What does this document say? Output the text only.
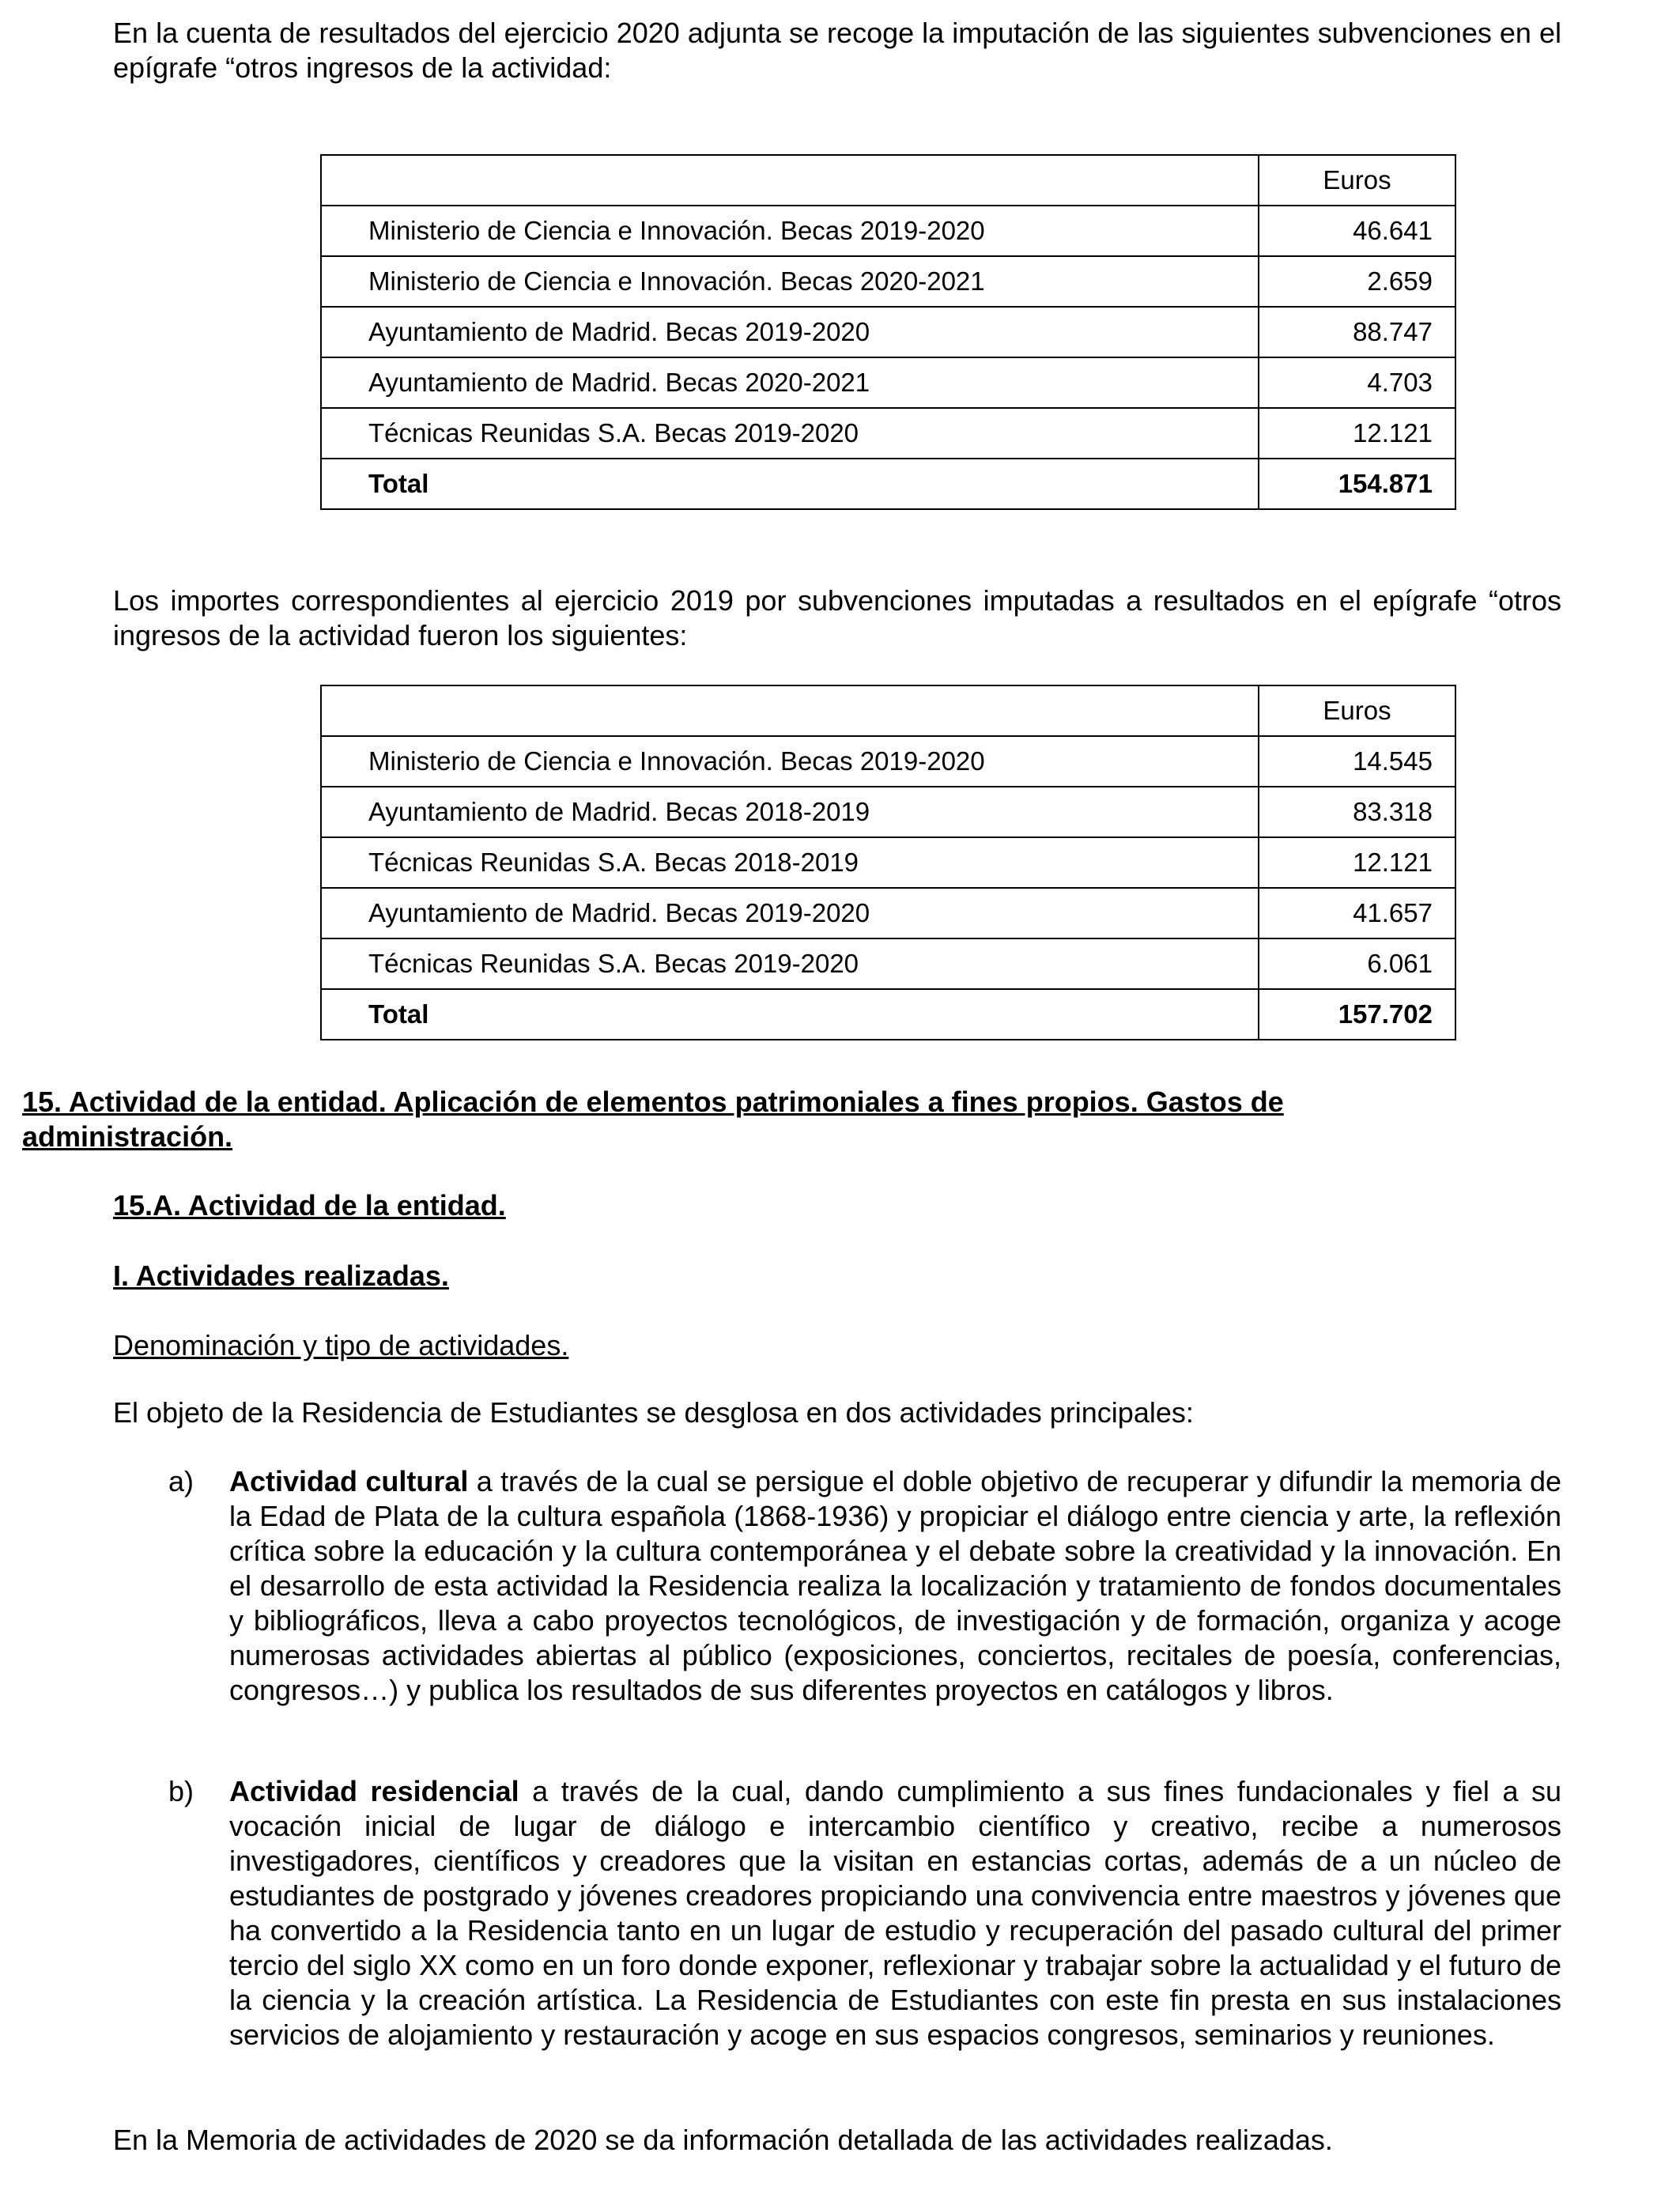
En la cuenta de resultados del ejercicio 2020 adjunta se recoge la imputación de las siguientes subvenciones en el epígrafe “otros ingresos de la actividad:

	Euros
Ministerio de Ciencia e Innovación. Becas 2019-2020	46.641
Ministerio de Ciencia e Innovación. Becas 2020-2021	2.659
Ayuntamiento de Madrid. Becas 2019-2020	88.747
Ayuntamiento de Madrid. Becas 2020-2021	4.703
Técnicas Reunidas S.A. Becas 2019-2020	12.121
Total	154.871

Los importes correspondientes al ejercicio 2019 por subvenciones imputadas a resultados en el epígrafe “otros ingresos de la actividad fueron los siguientes:

	Euros
Ministerio de Ciencia e Innovación. Becas 2019-2020	14.545
Ayuntamiento de Madrid. Becas 2018-2019	83.318
Técnicas Reunidas S.A. Becas 2018-2019	12.121
Ayuntamiento de Madrid. Becas 2019-2020	41.657
Técnicas Reunidas S.A. Becas 2019-2020	6.061
Total	157.702
15. Actividad de la entidad. Aplicación de elementos patrimoniales a fines propios. Gastos de administración.
15.A. Actividad de la entidad.
I. Actividades realizadas.
Denominación y tipo de actividades.

El objeto de la Residencia de Estudiantes se desglosa en dos actividades principales:

a) Actividad cultural a través de la cual se persigue el doble objetivo de recuperar y difundir la memoria de la Edad de Plata de la cultura española (1868-1936) y propiciar el diálogo entre ciencia y arte, la reflexión crítica sobre la educación y la cultura contemporánea y el debate sobre la creatividad y la innovación. En el desarrollo de esta actividad la Residencia realiza la localización y tratamiento de fondos documentales y bibliográficos, lleva a cabo proyectos tecnológicos, de investigación y de formación, organiza y acoge numerosas actividades abiertas al público (exposiciones, conciertos, recitales de poesía, conferencias, congresos…) y publica los resultados de sus diferentes proyectos en catálogos y libros.
b) Actividad residencial a través de la cual, dando cumplimiento a sus fines fundacionales y fiel a su vocación inicial de lugar de diálogo e intercambio científico y creativo, recibe a numerosos investigadores, científicos y creadores que la visitan en estancias cortas, además de a un núcleo de estudiantes de postgrado y jóvenes creadores propiciando una convivencia entre maestros y jóvenes que ha convertido a la Residencia tanto en un lugar de estudio y recuperación del pasado cultural del primer tercio del siglo XX como en un foro donde exponer, reflexionar y trabajar sobre la actualidad y el futuro de la ciencia y la creación artística. La Residencia de Estudiantes con este fin presta en sus instalaciones servicios de alojamiento y restauración y acoge en sus espacios congresos, seminarios y reuniones.

En la Memoria de actividades de 2020 se da información detallada de las actividades realizadas.
